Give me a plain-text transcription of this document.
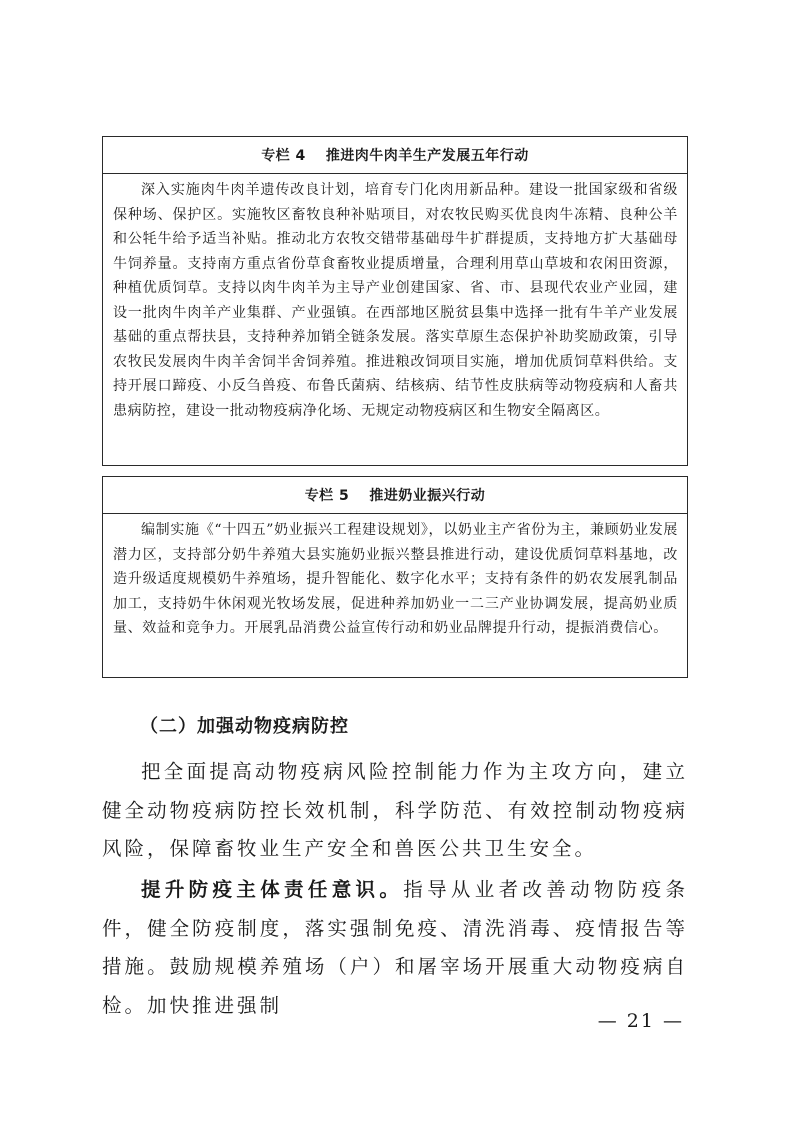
专栏 4 推进肉牛肉羊生产发展五年行动
深入实施肉牛肉羊遗传改良计划，培育专门化肉用新品种。建设一批国家级和省级保种场、保护区。实施牧区畜牧良种补贴项目，对农牧民购买优良肉牛冻精、良种公羊和公牦牛给予适当补贴。推动北方农牧交错带基础母牛扩群提质，支持地方扩大基础母牛饲养量。支持南方重点省份草食畜牧业提质增量，合理利用草山草坡和农闲田资源，种植优质饲草。支持以肉牛肉羊为主导产业创建国家、省、市、县现代农业产业园，建设一批肉牛肉羊产业集群、产业强镇。在西部地区脱贫县集中选择一批有牛羊产业发展基础的重点帮扶县，支持种养加销全链条发展。落实草原生态保护补助奖励政策，引导农牧民发展肉牛肉羊舍饲半舍饲养殖。推进粮改饲项目实施，增加优质饲草料供给。支持开展口蹄疫、小反刍兽疫、布鲁氏菌病、结核病、结节性皮肤病等动物疫病和人畜共患病防控，建设一批动物疫病净化场、无规定动物疫病区和生物安全隔离区。
专栏 5 推进奶业振兴行动
编制实施《“十四五”奶业振兴工程建设规划》，以奶业主产省份为主，兼顾奶业发展潜力区，支持部分奶牛养殖大县实施奶业振兴整县推进行动，建设优质饲草料基地，改造升级适度规模奶牛养殖场，提升智能化、数字化水平；支持有条件的奶农发展乳制品加工，支持奶牛休闲观光牧场发展，促进种养加奶业一二三产业协调发展，提高奶业质量、效益和竞争力。开展乳品消费公益宣传行动和奶业品牌提升行动，提振消费信心。
（二）加强动物疫病防控

把全面提高动物疫病风险控制能力作为主攻方向，建立健全动物疫病防控长效机制，科学防范、有效控制动物疫病风险，保障畜牧业生产安全和兽医公共卫生安全。

提升防疫主体责任意识。指导从业者改善动物防疫条件，健全防疫制度，落实强制免疫、清洗消毒、疫情报告等措施。鼓励规模养殖场（户）和屠宰场开展重大动物疫病自检。加快推进强制

— 21 —
